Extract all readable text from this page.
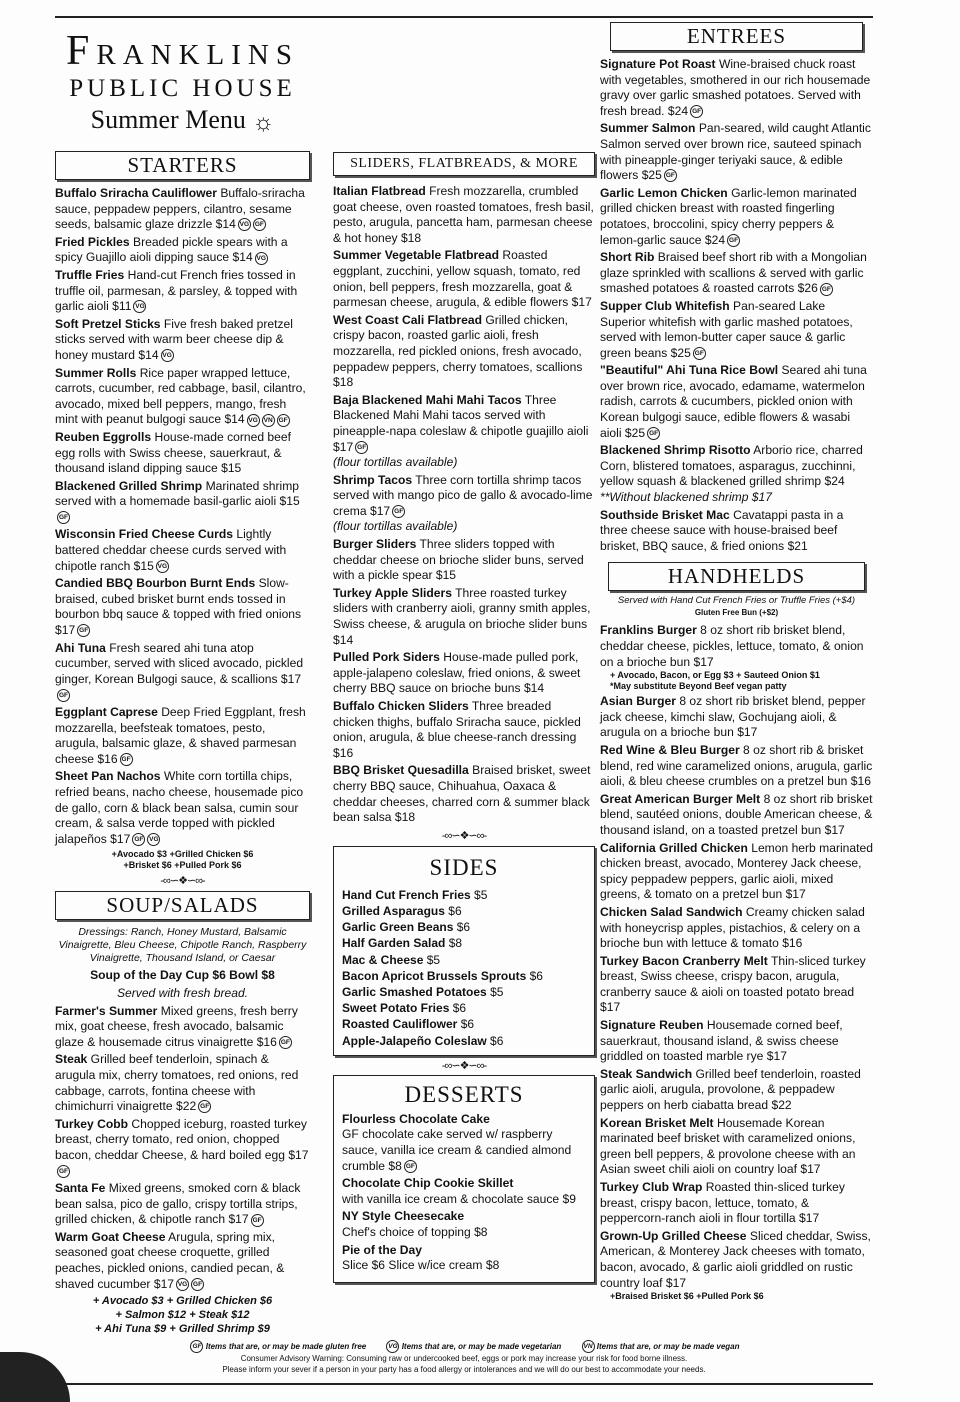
Franklins
PUBLIC HOUSE
Summer Menu ☼
STARTERS
Buffalo Sriracha Cauliflower Buffalo-sriracha sauce, peppadew peppers, cilantro, sesame seeds, balsamic glaze drizzle $14 VG GF
Fried Pickles Breaded pickle spears with a spicy Guajillo aioli dipping sauce $14 VG
Truffle Fries Hand-cut French fries tossed in truffle oil, parmesan, & parsley, & topped with garlic aioli $11 VG
Soft Pretzel Sticks Five fresh baked pretzel sticks served with warm beer cheese dip & honey mustard $14 VG
Summer Rolls Rice paper wrapped lettuce, carrots, cucumber, red cabbage, basil, cilantro, avocado, mixed bell peppers, mango, fresh mint with peanut bulgogi sauce $14 VG VN GF
Reuben Eggrolls House-made corned beef egg rolls with Swiss cheese, sauerkraut, & thousand island dipping sauce $15
Blackened Grilled Shrimp Marinated shrimp served with a homemade basil-garlic aioli $15GF
Wisconsin Fried Cheese Curds Lightly battered cheddar cheese curds served with chipotle ranch $15 VG
Candied BBQ Bourbon Burnt Ends Slow-braised, cubed brisket burnt ends tossed in bourbon bbq sauce & topped with fried onions $17 GF
Ahi Tuna Fresh seared ahi tuna atop cucumber, served with sliced avocado, pickled ginger, Korean Bulgogi sauce, & scallions $17GF
Eggplant Caprese Deep Fried Eggplant, fresh mozzarella, beefsteak tomatoes, pesto, arugula, balsamic glaze, & shaved parmesan cheese $16 GF
Sheet Pan Nachos White corn tortilla chips, refried beans, nacho cheese, housemade pico de gallo, corn & black bean salsa, cumin sour cream, & salsa verde topped with pickled jalapeños $17 GF VG
+Avocado $3 +Grilled Chicken $6
+Brisket $6 +Pulled Pork $6
-∞∽❖∽∞-
SOUP/SALADS
Dressings: Ranch, Honey Mustard, Balsamic Vinaigrette, Bleu Cheese, Chipotle Ranch, Raspberry Vinaigrette, Thousand Island, or Caesar
Soup of the Day Cup $6 Bowl $8
Served with fresh bread.
Farmer's Summer Mixed greens, fresh berry mix, goat cheese, fresh avocado, balsamic glaze & housemade citrus vinaigrette $16 GF
Steak Grilled beef tenderloin, spinach & arugula mix, cherry tomatoes, red onions, red cabbage, carrots, fontina cheese with chimichurri vinaigrette $22 GF
Turkey Cobb Chopped iceburg, roasted turkey breast, cherry tomato, red onion, chopped bacon, cheddar Cheese, & hard boiled egg $17GF
Santa Fe Mixed greens, smoked corn & black bean salsa, pico de gallo, crispy tortilla strips, grilled chicken, & chipotle ranch $17 GF
Warm Goat Cheese Arugula, spring mix, seasoned goat cheese croquette, grilled peaches, pickled onions, candied pecan, & shaved cucumber $17 VG GF
+ Avocado $3 + Grilled Chicken $6
+ Salmon $12 + Steak $12
+ Ahi Tuna $9 + Grilled Shrimp $9
SLIDERS, FLATBREADS, & MORE
Italian Flatbread Fresh mozzarella, crumbled goat cheese, oven roasted tomatoes, fresh basil, pesto, arugula, pancetta ham, parmesan cheese & hot honey $18
Summer Vegetable Flatbread Roasted eggplant, zucchini, yellow squash, tomato, red onion, bell peppers, fresh mozzarella, goat & parmesan cheese, arugula, & edible flowers $17
West Coast Cali Flatbread Grilled chicken, crispy bacon, roasted garlic aioli, fresh mozzarella, red pickled onions, fresh avocado, peppadew peppers, cherry tomatoes, scallions $18
Baja Blackened Mahi Mahi Tacos Three Blackened Mahi Mahi tacos served with pineapple-napa coleslaw & chipotle guajillo aioli $17 GF
(flour tortillas available)
Shrimp Tacos Three corn tortilla shrimp tacos served with mango pico de gallo & avocado-lime crema $17 GF
(flour tortillas available)
Burger Sliders Three sliders topped with cheddar cheese on brioche slider buns, served with a pickle spear $15
Turkey Apple Sliders Three roasted turkey sliders with cranberry aioli, granny smith apples, Swiss cheese, & arugula on brioche slider buns $14
Pulled Pork Siders House-made pulled pork, apple-jalapeno coleslaw, fried onions, & sweet cherry BBQ sauce on brioche buns $14
Buffalo Chicken Sliders Three breaded chicken thighs, buffalo Sriracha sauce, pickled onion, arugula, & blue cheese-ranch dressing $16
BBQ Brisket Quesadilla Braised brisket, sweet cherry BBQ sauce, Chihuahua, Oaxaca & cheddar cheeses, charred corn & summer black bean salsa $18
-∞∽❖∽∞-
SIDES
Hand Cut French Fries $5
Grilled Asparagus $6
Garlic Green Beans $6
Half Garden Salad $8
Mac & Cheese $5
Bacon Apricot Brussels Sprouts $6
Garlic Smashed Potatoes $5
Sweet Potato Fries $6
Roasted Cauliflower $6
Apple-Jalapeño Coleslaw $6
-∞∽❖∽∞-
DESSERTS
Flourless Chocolate Cake
GF chocolate cake served w/ raspberry sauce, vanilla ice cream & candied almond crumble $8 GF
Chocolate Chip Cookie Skillet
with vanilla ice cream & chocolate sauce $9
NY Style Cheesecake
Chef's choice of topping $8
Pie of the Day
Slice $6 Slice w/ice cream $8
ENTREES
Signature Pot Roast Wine-braised chuck roast with vegetables, smothered in our rich housemade gravy over garlic smashed potatoes. Served with fresh bread. $24 GF
Summer Salmon Pan-seared, wild caught Atlantic Salmon served over brown rice, sauteed spinach with pineapple-ginger teriyaki sauce, & edible flowers $25 GF
Garlic Lemon Chicken Garlic-lemon marinated grilled chicken breast with roasted fingerling potatoes, broccolini, spicy cherry peppers & lemon-garlic sauce $24 GF
Short Rib Braised beef short rib with a Mongolian glaze sprinkled with scallions & served with garlic smashed potatoes & roasted carrots $26 GF
Supper Club Whitefish Pan-seared Lake Superior whitefish with garlic mashed potatoes, served with lemon-butter caper sauce & garlic green beans $25 GF
"Beautiful" Ahi Tuna Rice Bowl Seared ahi tuna over brown rice, avocado, edamame, watermelon radish, carrots & cucumbers, pickled onion with Korean bulgogi sauce, edible flowers & wasabi aioli $25 GF
Blackened Shrimp Risotto Arborio rice, charred Corn, blistered tomatoes, asparagus, zucchinni, yellow squash & blackened grilled shrimp $24
**Without blackened shrimp $17
Southside Brisket Mac Cavatappi pasta in a three cheese sauce with house-braised beef brisket, BBQ sauce, & fried onions $21
HANDHELDS
Served with Hand Cut French Fries or Truffle Fries (+$4)
Gluten Free Bun (+$2)
Franklins Burger 8 oz short rib brisket blend, cheddar cheese, pickles, lettuce, tomato, & onion on a brioche bun $17
+ Avocado, Bacon, or Egg $3 + Sauteed Onion $1
*May substitute Beyond Beef vegan patty
Asian Burger 8 oz short rib brisket blend, pepper jack cheese, kimchi slaw, Gochujang aioli, & arugula on a brioche bun $17
Red Wine & Bleu Burger 8 oz short rib & brisket blend, red wine caramelized onions, arugula, garlic aioli, & bleu cheese crumbles on a pretzel bun $16
Great American Burger Melt 8 oz short rib brisket blend, sautéed onions, double American cheese, & thousand island, on a toasted pretzel bun $17
California Grilled Chicken Lemon herb marinated chicken breast, avocado, Monterey Jack cheese, spicy peppadew peppers, garlic aioli, mixed greens, & tomato on a pretzel bun $17
Chicken Salad Sandwich Creamy chicken salad with honeycrisp apples, pistachios, & celery on a brioche bun with lettuce & tomato $16
Turkey Bacon Cranberry Melt Thin-sliced turkey breast, Swiss cheese, crispy bacon, arugula, cranberry sauce & aioli on toasted potato bread $17
Signature Reuben Housemade corned beef, sauerkraut, thousand island, & swiss cheese griddled on toasted marble rye $17
Steak Sandwich Grilled beef tenderloin, roasted garlic aioli, arugula, provolone, & peppadew peppers on herb ciabatta bread $22
Korean Brisket Melt Housemade Korean marinated beef brisket with caramelized onions, green bell peppers, & provolone cheese with an Asian sweet chili aioli on country loaf $17
Turkey Club Wrap Roasted thin-sliced turkey breast, crispy bacon, lettuce, tomato, & peppercorn-ranch aioli in flour tortilla $17
Grown-Up Grilled Cheese Sliced cheddar, Swiss, American, & Monterey Jack cheeses with tomato, bacon, avocado, & garlic aioli griddled on rustic country loaf $17
+Braised Brisket $6 +Pulled Pork $6
GF Items that are, or may be made gluten free	VG Items that are, or may be made vegetarian	VN Items that are, or may be made vegan
Consumer Advisory Warning: Consuming raw or undercooked beef, eggs or pork may increase your risk for food borne illness.
Please inform your sever if a person in your party has a food allergy or intolerances and we will do our best to accommodate your needs.
